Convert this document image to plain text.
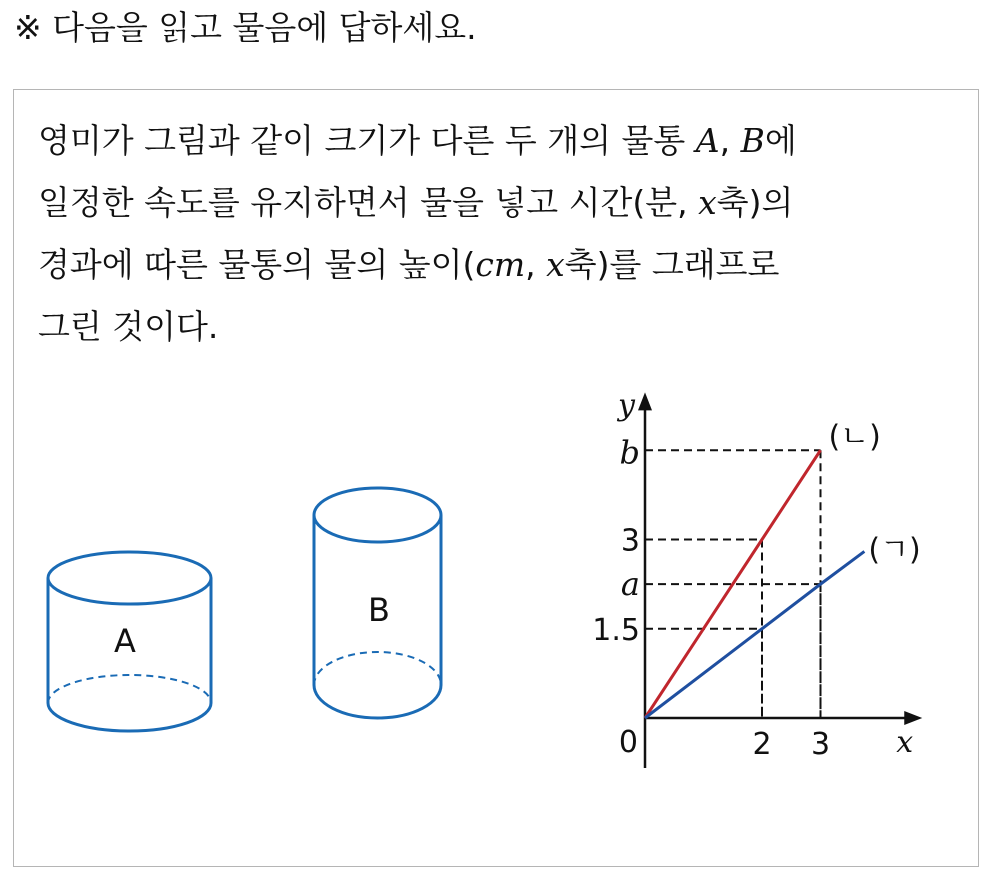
※ 다음을 읽고 물음에 답하세요.
영미가 그림과 같이 크기가 다른 두 개의 물통 A, B에
일정한 속도를 유지하면서 물을 넣고 시간(분, x축)의
경과에 따른 물통의 물의 높이(cm, x축)를 그래프로
그린 것이다.
A
B
y
x
0	2 3
1.5
a
3
b	(ㄴ)
(ㄱ)
